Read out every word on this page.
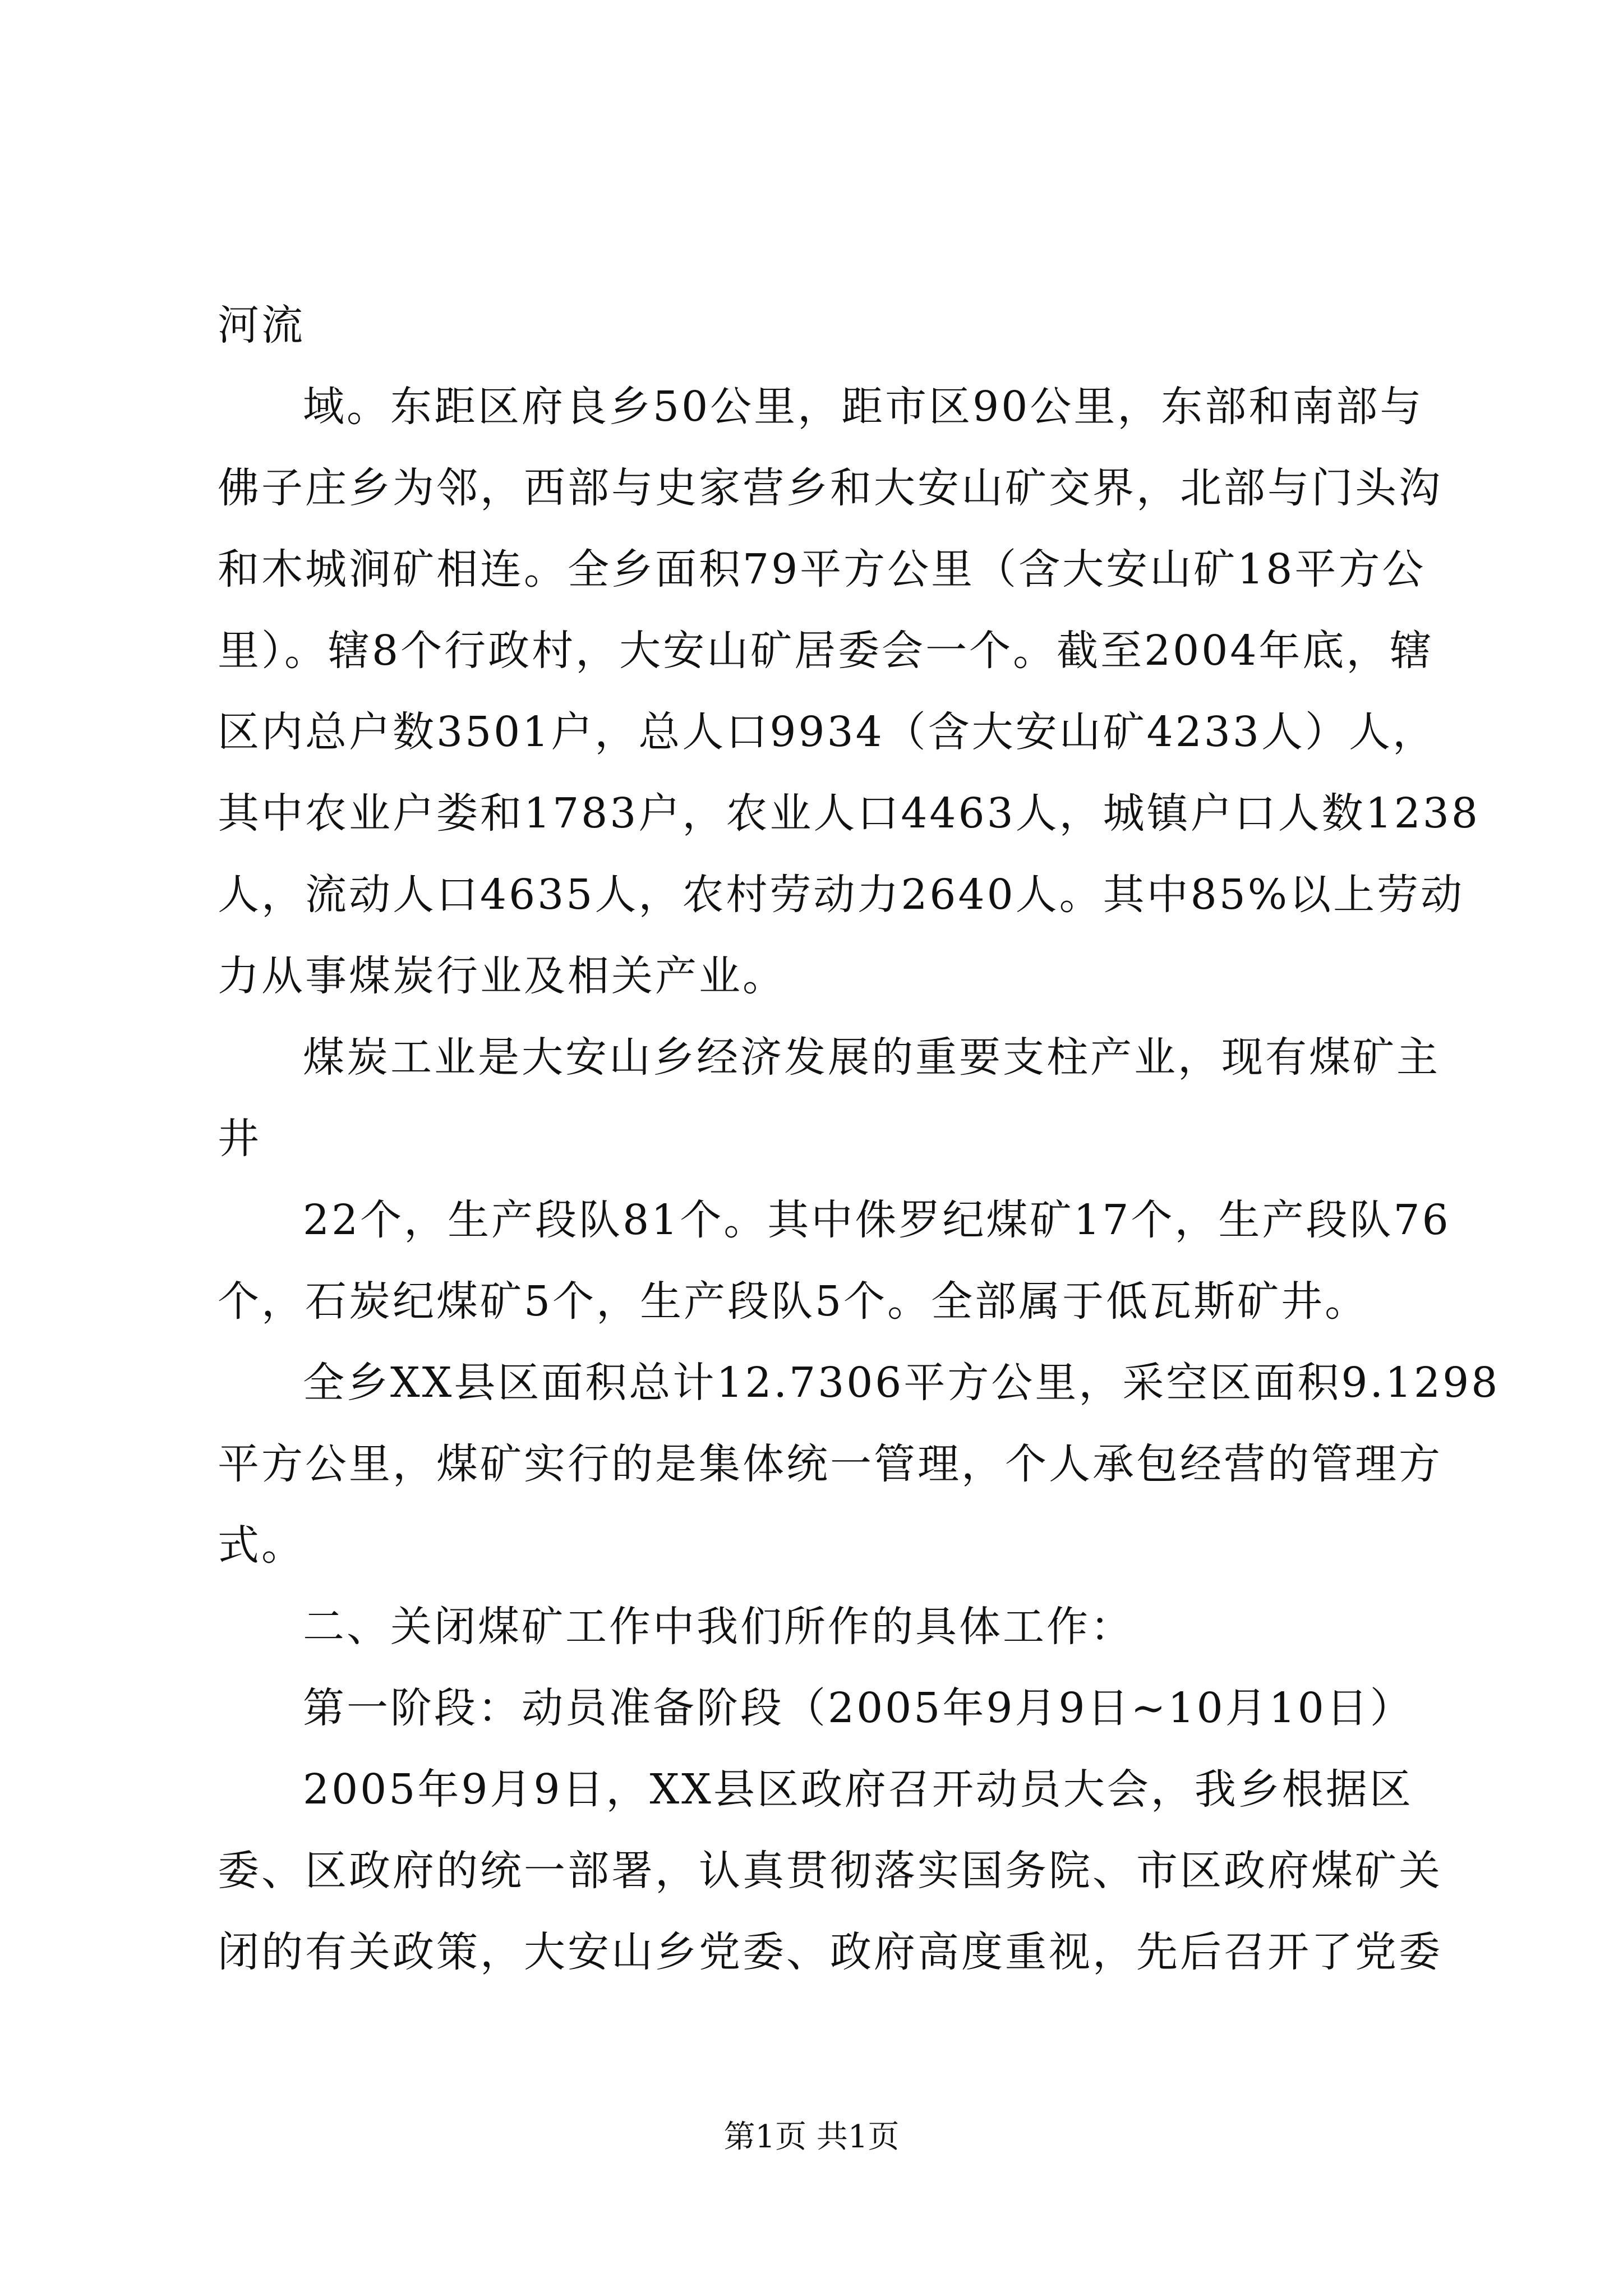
河流
域。东距区府良乡50公里，距市区90公里，东部和南部与
佛子庄乡为邻，西部与史家营乡和大安山矿交界，北部与门头沟
和木城涧矿相连。全乡面积79平方公里（含大安山矿18平方公
里）。辖8个行政村，大安山矿居委会一个。截至2004年底，辖
区内总户数3501户，总人口9934（含大安山矿4233人）人，
其中农业户娄和1783户，农业人口4463人，城镇户口人数1238
人，流动人口4635人，农村劳动力2640人。其中85%以上劳动
力从事煤炭行业及相关产业。
煤炭工业是大安山乡经济发展的重要支柱产业，现有煤矿主
井
22个，生产段队81个。其中侏罗纪煤矿17个，生产段队76
个，石炭纪煤矿5个，生产段队5个。全部属于低瓦斯矿井。
全乡XX县区面积总计12.7306平方公里，采空区面积9.1298
平方公里，煤矿实行的是集体统一管理，个人承包经营的管理方
式。
二、关闭煤矿工作中我们所作的具体工作：
第一阶段：动员准备阶段（2005年9月9日~10月10日）
2005年9月9日，XX县区政府召开动员大会，我乡根据区
委、区政府的统一部署，认真贯彻落实国务院、市区政府煤矿关
闭的有关政策，大安山乡党委、政府高度重视，先后召开了党委
第1页 共1页
